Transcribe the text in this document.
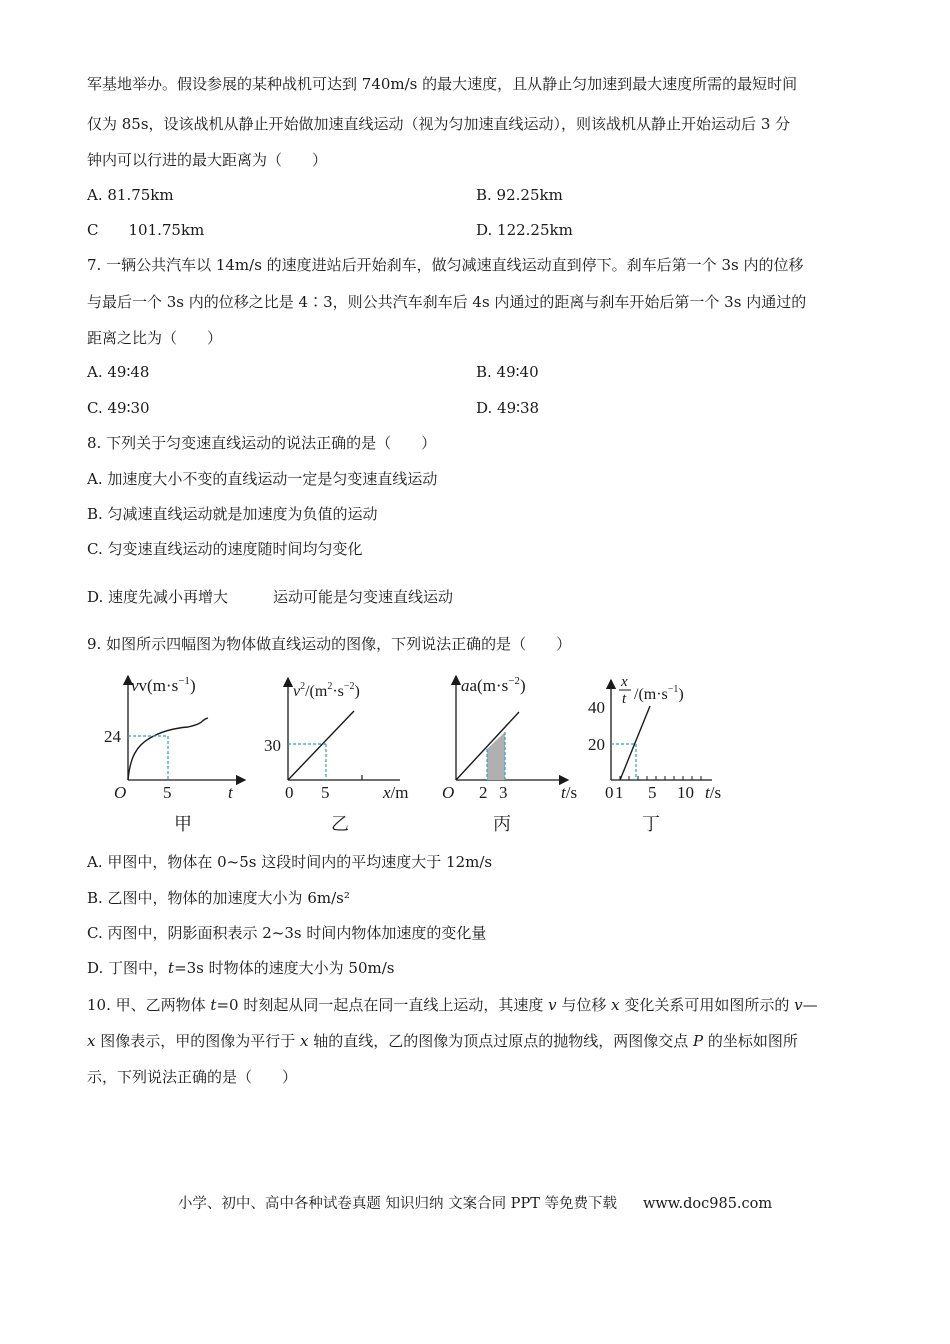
军基地举办。假设参展的某种战机可达到 740m/s 的最大速度，且从静止匀加速到最大速度所需的最短时间
仅为 85s，设该战机从静止开始做加速直线运动（视为匀加速直线运动），则该战机从静止开始运动后 3 分
钟内可以行进的最大距离为（　　）
A. 81.75km	B. 92.25km
C　　101.75km	D. 122.25km
7. 一辆公共汽车以 14m/s 的速度进站后开始刹车，做匀减速直线运动直到停下。刹车后第一个 3s 内的位移
与最后一个 3s 内的位移之比是 4∶3，则公共汽车刹车后 4s 内通过的距离与刹车开始后第一个 3s 内通过的
距离之比为（　　）
A. 49∶48	B. 49∶40
C. 49∶30	D. 49∶38
8. 下列关于匀变速直线运动的说法正确的是（　　）
A. 加速度大小不变的直线运动一定是匀变速直线运动
B. 匀减速直线运动就是加速度为负值的运动
C. 匀变速直线运动的速度随时间均匀变化
D. 速度先减小再增大　　　运动可能是匀变速直线运动
9. 如图所示四幅图为物体做直线运动的图像，下列说法正确的是（　　）
$vv(m\cdot s^{-1})$
24
5
O	t
甲
$v^2/(m^2\cdot s^{-2})$
30
0 5	x/m
乙
$aa(m\cdot s^{-2})$
O 2 3	t/s
丙
x
t $/(m\cdot s^{-1})$
40
20
0 1 5 10 t/s
丁
A. 甲图中，物体在 0~5s 这段时间内的平均速度大于 12m/s
B. 乙图中，物体的加速度大小为 6m/s²
C. 丙图中，阴影面积表示 2~3s 时间内物体加速度的变化量
D. 丁图中，t=3s 时物体的速度大小为 50m/s
10. 甲、乙两物体 t=0 时刻起从同一起点在同一直线上运动，其速度 v 与位移 x 变化关系可用如图所示的 v—
x 图像表示，甲的图像为平行于 x 轴的直线，乙的图像为顶点过原点的抛物线，两图像交点 P 的坐标如图所
示，下列说法正确的是（　　）
小学、初中、高中各种试卷真题 知识归纳 文案合同 PPT 等免费下载 www.doc985.com
